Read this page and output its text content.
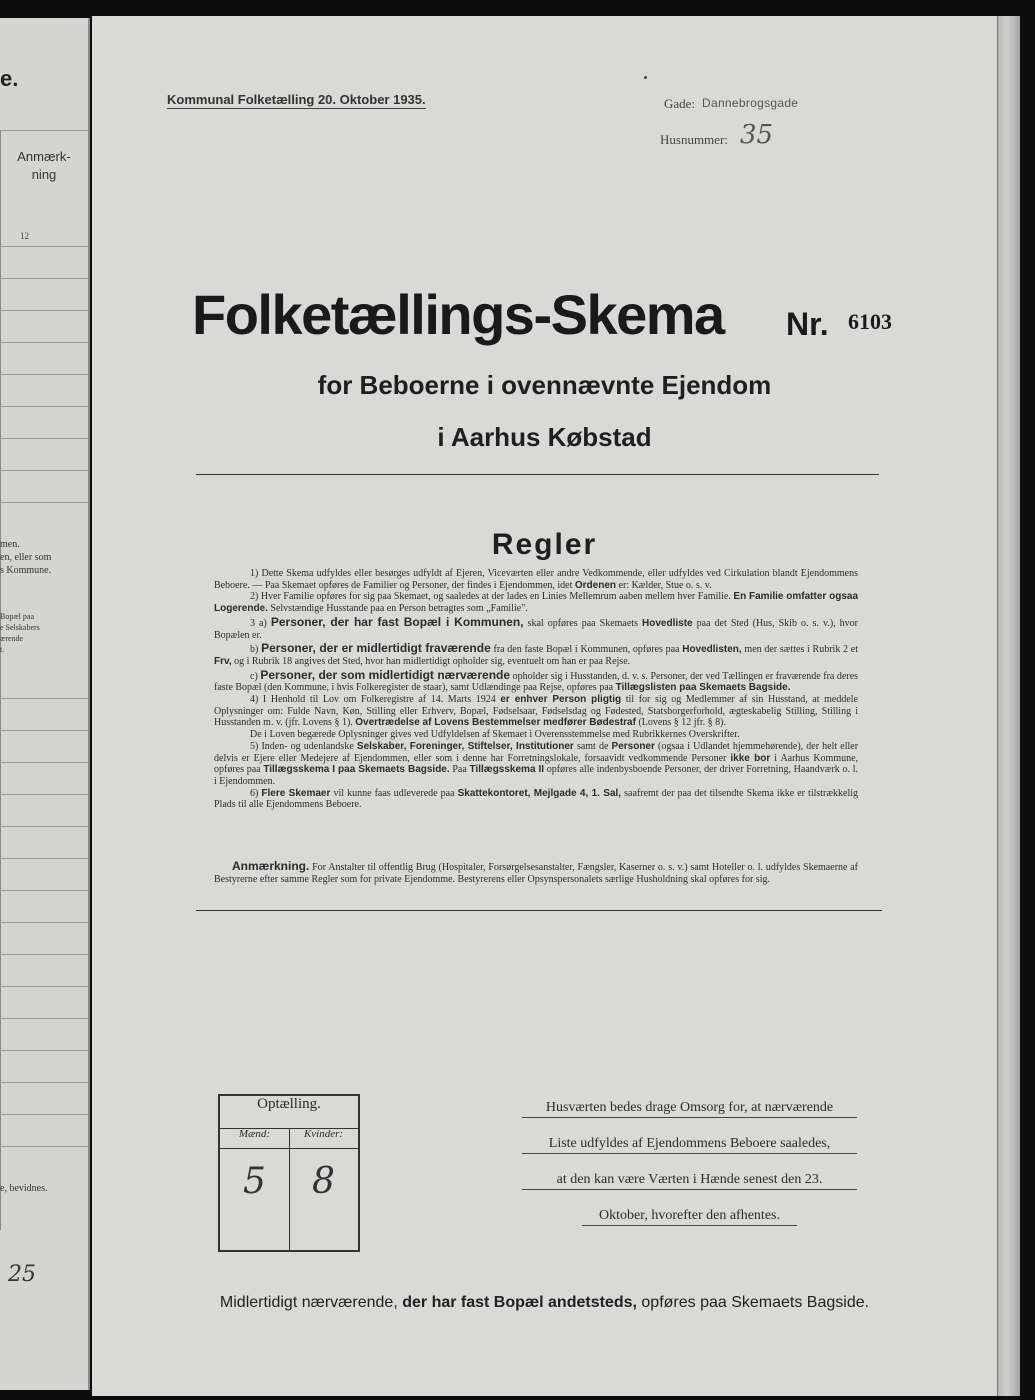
e.
Anmærk-
ning
12
men.
en, eller som
s Kommune.
Bopæl paa
e Selskabers
ærende
t.
e, bevidnes.
25
Kommunal Folketælling 20. Oktober 1935.	Gade: Dannebrogsgade
Husnummer: 35
Folketællings-Skema Nr. 6103
for Beboerne i ovennævnte Ejendom
i Aarhus Købstad
Regler

1) Dette Skema udfyldes eller besørges udfyldt af Ejeren, Viceværten eller andre Vedkommende, eller udfyldes ved Cirkulation blandt Ejendommens Beboere. — Paa Skemaet opføres de Familier og Personer, der findes i Ejendommen, idet Ordenen er: Kælder, Stue o. s. v.

2) Hver Familie opføres for sig paa Skemaet, og saaledes at der lades en Linies Mellemrum aaben mellem hver Familie. En Familie omfatter ogsaa Logerende. Selvstændige Husstande paa en Person betragtes som „Familie".

3 a) Personer, der har fast Bopæl i Kommunen, skal opføres paa Skemaets Hovedliste paa det Sted (Hus, Skib o. s. v.), hvor Bopælen er.

b) Personer, der er midlertidigt fraværende fra den faste Bopæl i Kommunen, opføres paa Hovedlisten, men der sættes i Rubrik 2 et Frv, og i Rubrik 18 angives det Sted, hvor han midlertidigt opholder sig, eventuelt om han er paa Rejse.

c) Personer, der som midlertidigt nærværende opholder sig i Husstanden, d. v. s. Personer, der ved Tællingen er fraværende fra deres faste Bopæl (den Kommune, i hvis Folkeregister de staar), samt Udlændinge paa Rejse, opføres paa Tillægslisten paa Skemaets Bagside.

4) I Henhold til Lov om Folkeregistre af 14. Marts 1924 er enhver Person pligtig til for sig og Medlemmer af sin Husstand, at meddele Oplysninger om: Fulde Navn, Køn, Stilling eller Erhverv, Bopæl, Fødselsaar, Fødselsdag og Fødested, Statsborgerforhold, ægteskabelig Stilling, Stilling i Husstanden m. v. (jfr. Lovens § 1). Overtrædelse af Lovens Bestemmelser medfører Bødestraf (Lovens § 12 jfr. § 8).

De i Loven begærede Oplysninger gives ved Udfyldelsen af Skemaet i Overensstemmelse med Rubrikkernes Overskrifter.

5) Inden- og udenlandske Selskaber, Foreninger, Stiftelser, Institutioner samt de Personer (ogsaa i Udlandet hjemmehørende), der helt eller delvis er Ejere eller Medejere af Ejendommen, eller som i denne har Forretningslokale, forsaavidt vedkommende Personer ikke bor i Aarhus Kommune, opføres paa Tillægsskema I paa Skemaets Bagside. Paa Tillægsskema II opføres alle indenbysboende Personer, der driver Forretning, Haandværk o. l. i Ejendommen.

6) Flere Skemaer vil kunne faas udleverede paa Skattekontoret, Mejlgade 4, 1. Sal, saafremt der paa det tilsendte Skema ikke er tilstrækkelig Plads til alle Ejendommens Beboere.

Anmærkning. For Anstalter til offentlig Brug (Hospitaler, Forsørgelsesanstalter, Fængsler, Kaserner o. s. v.) samt Hoteller o. l. udfyldes Skemaerne af Bestyrerne efter samme Regler som for private Ejendomme. Bestyrerens eller Opsynspersonalets særlige Husholdning skal opføres for sig.
Optælling.
Mænd:
5
Kvinder:
8
Husværten bedes drage Omsorg for, at nærværende
Liste udfyldes af Ejendommens Beboere saaledes,
at den kan være Værten i Hænde senest den 23.
Oktober, hvorefter den afhentes.
Midlertidigt nærværende, der har fast Bopæl andetsteds, opføres paa Skemaets Bagside.
